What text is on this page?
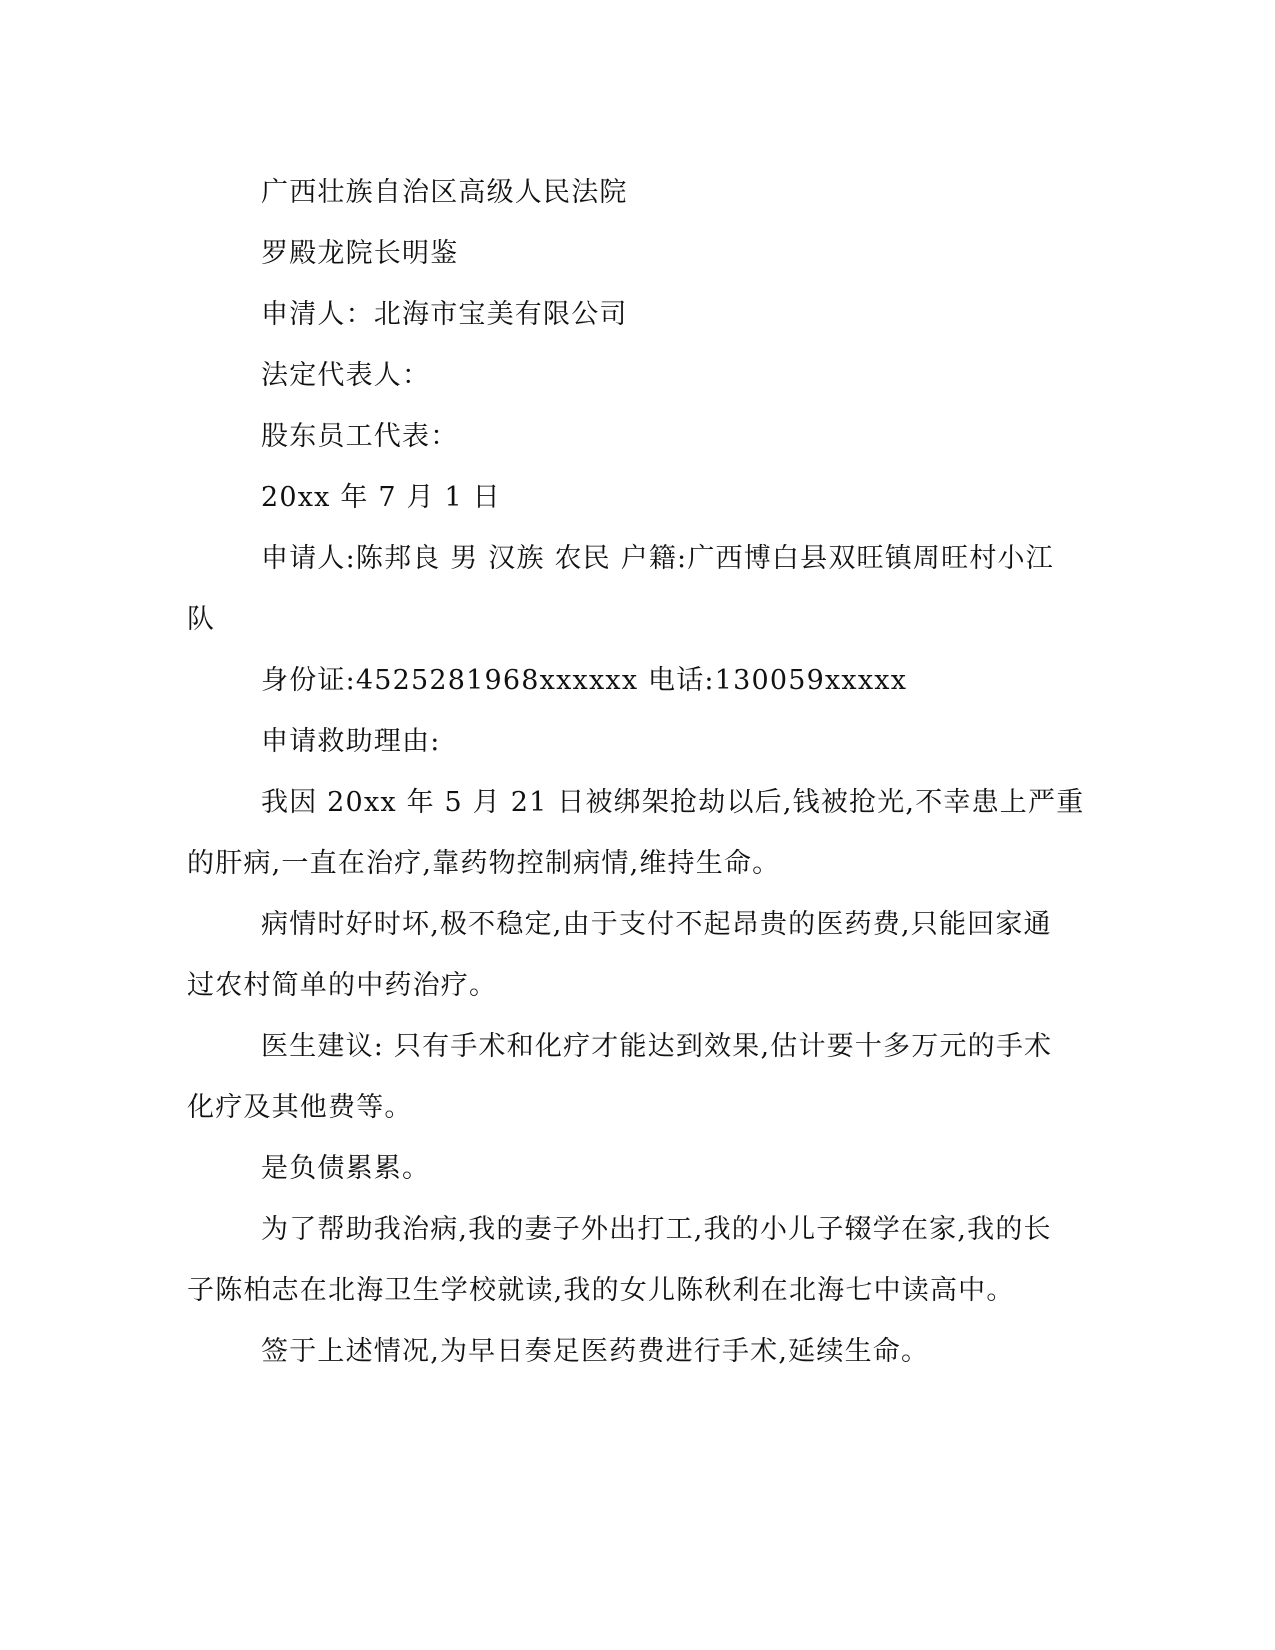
广西壮族自治区高级人民法院
罗殿龙院长明鉴
申清人：北海市宝美有限公司
法定代表人：
股东员工代表：
20xx 年 7 月 1 日
申请人:陈邦良 男 汉族 农民 户籍:广西博白县双旺镇周旺村小江
队
身份证:4525281968xxxxxx 电话:130059xxxxx
申请救助理由:
我因 20xx 年 5 月 21 日被绑架抢劫以后,钱被抢光,不幸患上严重
的肝病,一直在治疗,靠药物控制病情,维持生命。
病情时好时坏,极不稳定,由于支付不起昂贵的医药费,只能回家通
过农村简单的中药治疗。
医生建议: 只有手术和化疗才能达到效果,估计要十多万元的手术
化疗及其他费等。
是负债累累。
为了帮助我治病,我的妻子外出打工,我的小儿子辍学在家,我的长
子陈柏志在北海卫生学校就读,我的女儿陈秋利在北海七中读高中。
签于上述情况,为早日奏足医药费进行手术,延续生命。
